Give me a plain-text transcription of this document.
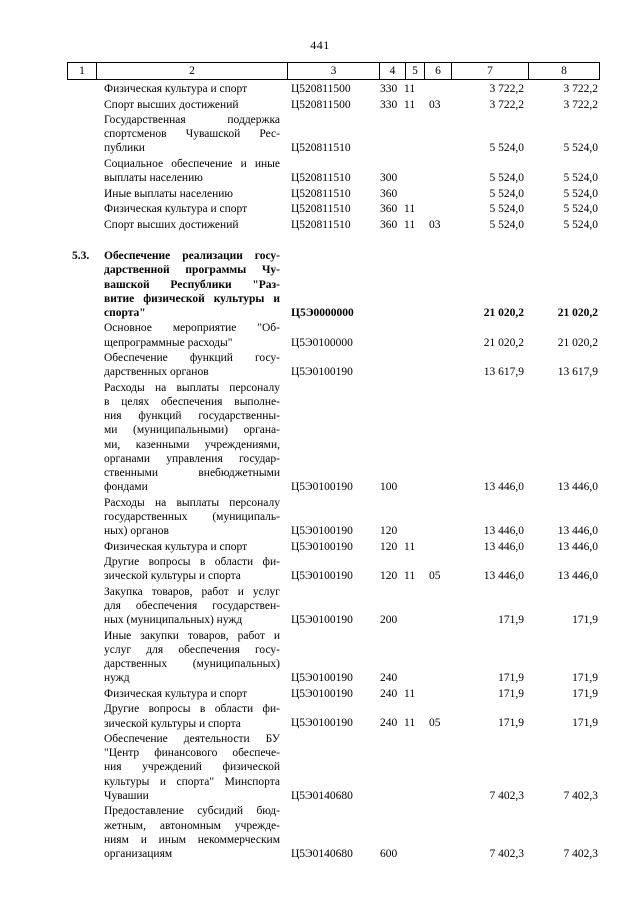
441
1	2	3	4	5	6	7	8
Физическая культура и спорт	Ц520811500	330 11	3 722,2	3 722,2
Спорт высших достижений	Ц520811500	330 11 03	3 722,2	3 722,2
Государственная поддержка
спортсменов Чувашской Рес-
публики	Ц520811510	5 524,0	5 524,0
Социальное обеспечение и иные
выплаты населению	Ц520811510	300	5 524,0	5 524,0
Иные выплаты населению	Ц520811510	360	5 524,0	5 524,0
Физическая культура и спорт	Ц520811510	360 11	5 524,0	5 524,0
Спорт высших достижений	Ц520811510	360 11 03	5 524,0	5 524,0
5.3. Обеспечение реализации госу-
дарственной программы Чу-
вашской Республики "Раз-
витие физической культуры и
спорта"	Ц5Э0000000	21 020,2	21 020,2
Основное мероприятие "Об-
щепрограммные расходы"	Ц5Э0100000	21 020,2	21 020,2
Обеспечение функций госу-
дарственных органов	Ц5Э0100190	13 617,9	13 617,9
Расходы на выплаты персоналу
в целях обеспечения выполне-
ния функций государственны-
ми (муниципальными) органа-
ми, казенными учреждениями,
органами управления государ-
ственными внебюджетными
фондами	Ц5Э0100190 100	13 446,0	13 446,0
Расходы на выплаты персоналу
государственных (муниципаль-
ных) органов	Ц5Э0100190 120	13 446,0	13 446,0
Физическая культура и спорт	Ц5Э0100190 120 11	13 446,0	13 446,0
Другие вопросы в области фи-
зической культуры и спорта	Ц5Э0100190 120 11 05	13 446,0	13 446,0
Закупка товаров, работ и услуг
для обеспечения государствен-
ных (муниципальных) нужд	Ц5Э0100190 200	171,9	171,9
Иные закупки товаров, работ и
услуг для обеспечения госу-
дарственных (муниципальных)
нужд	Ц5Э0100190 240	171,9	171,9
Физическая культура и спорт	Ц5Э0100190 240 11	171,9	171,9
Другие вопросы в области фи-
зической культуры и спорта	Ц5Э0100190 240 11 05	171,9	171,9
Обеспечение деятельности БУ
"Центр финансового обеспече-
ния учреждений физической
культуры и спорта" Минспорта
Чувашии	Ц5Э0140680	7 402,3	7 402,3
Предоставление субсидий бюд-
жетным, автономным учрежде-
ниям и иным некоммерческим
организациям	Ц5Э0140680 600	7 402,3	7 402,3
